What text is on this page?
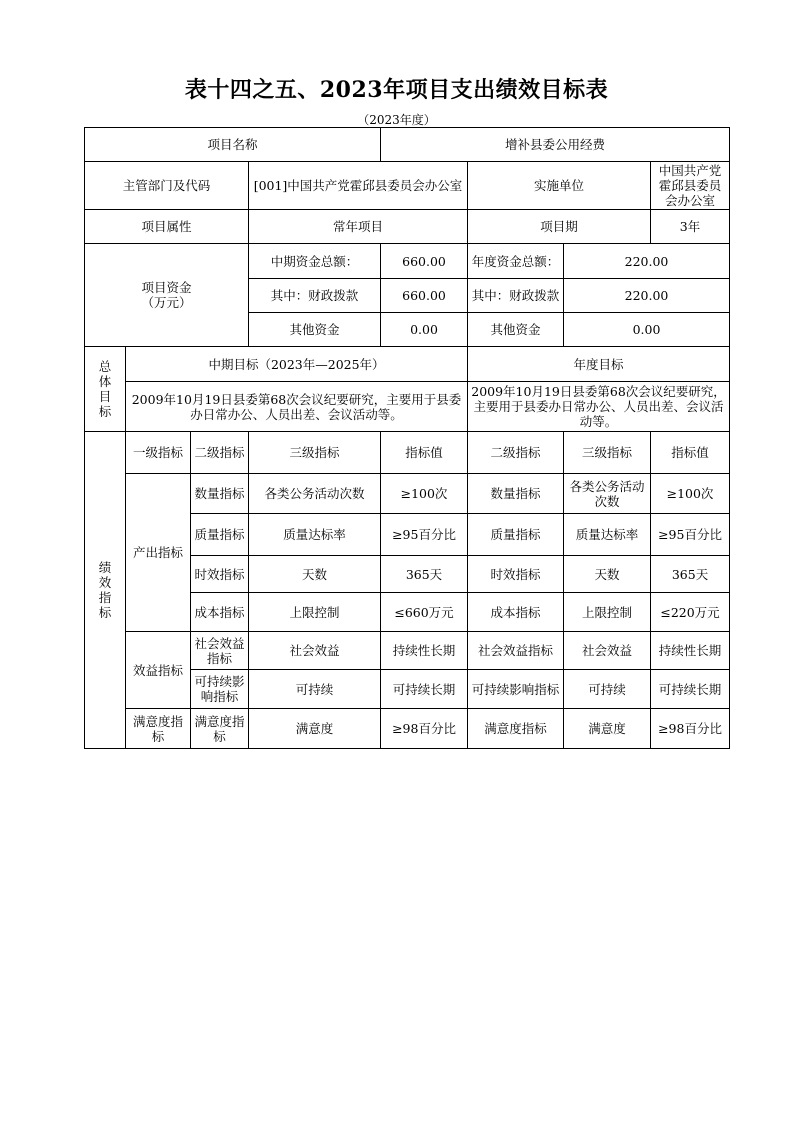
表十四之五、2023年项目支出绩效目标表
（2023年度）
项目名称				增补县委公用经费			
主管部门及代码			[001]中国共产党霍邱县委员会办公室		实施单位		中国共产党霍邱县委员会办公室
项目属性			常年项目		项目期		3年
项目资金
（万元）			中期资金总额：	660.00	年度资金总额：	220.00	
			其中：财政拨款	660.00	其中：财政拨款	220.00	
			其他资金	0.00	其他资金	0.00	
总
体
目
标	中期目标（2023年—2025年）				年度目标		
	2009年10月19日县委第68次会议纪要研究，主要用于县委办日常办公、人员出差、会议活动等。				2009年10月19日县委第68次会议纪要研究，主要用于县委办日常办公、人员出差、会议活动等。		
绩
效
指
标	一级指标	二级指标	三级指标	指标值	二级指标	三级指标	指标值
	产出指标	数量指标	各类公务活动次数	≥100次	数量指标	各类公务活动次数	≥100次
		质量指标	质量达标率	≥95百分比	质量指标	质量达标率	≥95百分比
		时效指标	天数	365天	时效指标	天数	365天
		成本指标	上限控制	≤660万元	成本指标	上限控制	≤220万元
	效益指标	社会效益指标	社会效益	持续性长期	社会效益指标	社会效益	持续性长期
		可持续影响指标	可持续	可持续长期	可持续影响指标	可持续	可持续长期
	满意度指标	满意度指标	满意度	≥98百分比	满意度指标	满意度	≥98百分比
